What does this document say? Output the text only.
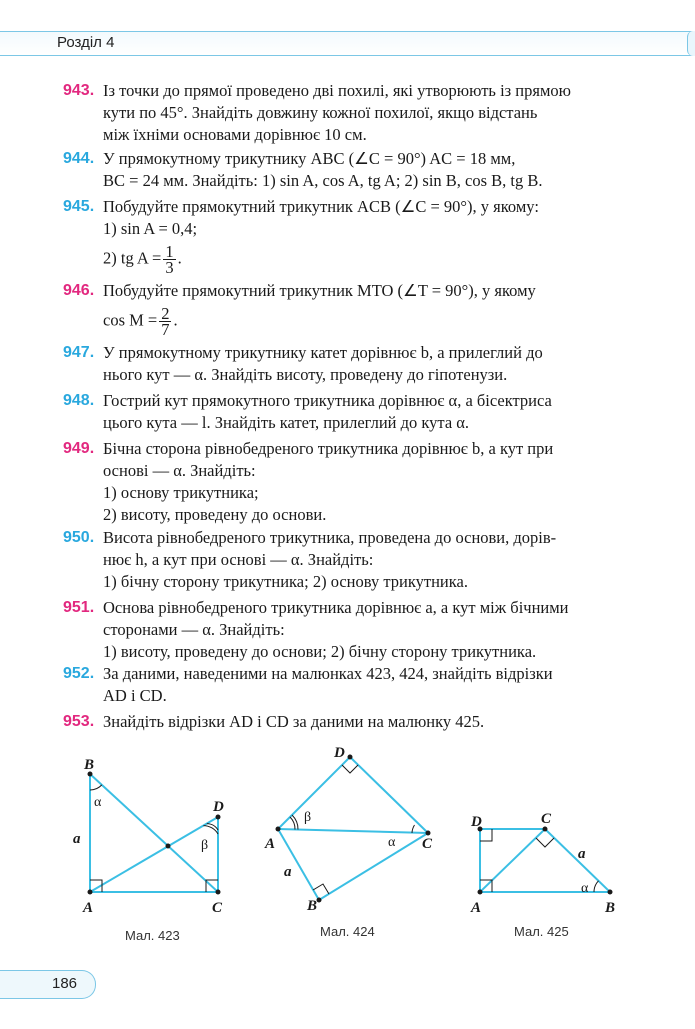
Розділ 4
943. Із точки до прямої проведено дві похилі, які утворюють із прямою
кути по 45°. Знайдіть довжину кожної похилої, якщо відстань
між їхніми основами дорівнює 10 см.
944. У прямокутному трикутнику ABC (∠C = 90°) AC = 18 мм,
BC = 24 мм. Знайдіть: 1) sin A, cos A, tg A; 2) sin B, cos B, tg B.
945. Побудуйте прямокутний трикутник ACB (∠C = 90°), у якому:
1) sin A = 0,4;
2) tg $A = \frac{1}{3}$ .
946. Побудуйте прямокутний трикутник MTO (∠T = 90°), у якому
$\cos M = \frac{2}{7}$ .
947. У прямокутному трикутнику катет дорівнює b, а прилеглий до
нього кут — α. Знайдіть висоту, проведену до гіпотенузи.
948. Гострий кут прямокутного трикутника дорівнює α, а бісектриса
цього кута — l. Знайдіть катет, прилеглий до кута α.
949. Бічна сторона рівнобедреного трикутника дорівнює b, а кут при
основі — α. Знайдіть:
1) основу трикутника;
2) висоту, проведену до основи.
950. Висота рівнобедреного трикутника, проведена до основи, дорів-
нює h, а кут при основі — α. Знайдіть:
1) бічну сторону трикутника; 2) основу трикутника.
951. Основа рівнобедреного трикутника дорівнює a, а кут між бічними
сторонами — α. Знайдіть:
1) висоту, проведену до основи; 2) бічну сторону трикутника.
952. За даними, наведеними на малюнках 423, 424, знайдіть відрізки
AD і CD.
953. Знайдіть відрізки AD і CD за даними на малюнку 425.
B
A	C
D
a
α
β
Мал. 423
D
A	C
B
a
β
α
Мал. 424
D	C
A	B
a
α
Мал. 425
186
